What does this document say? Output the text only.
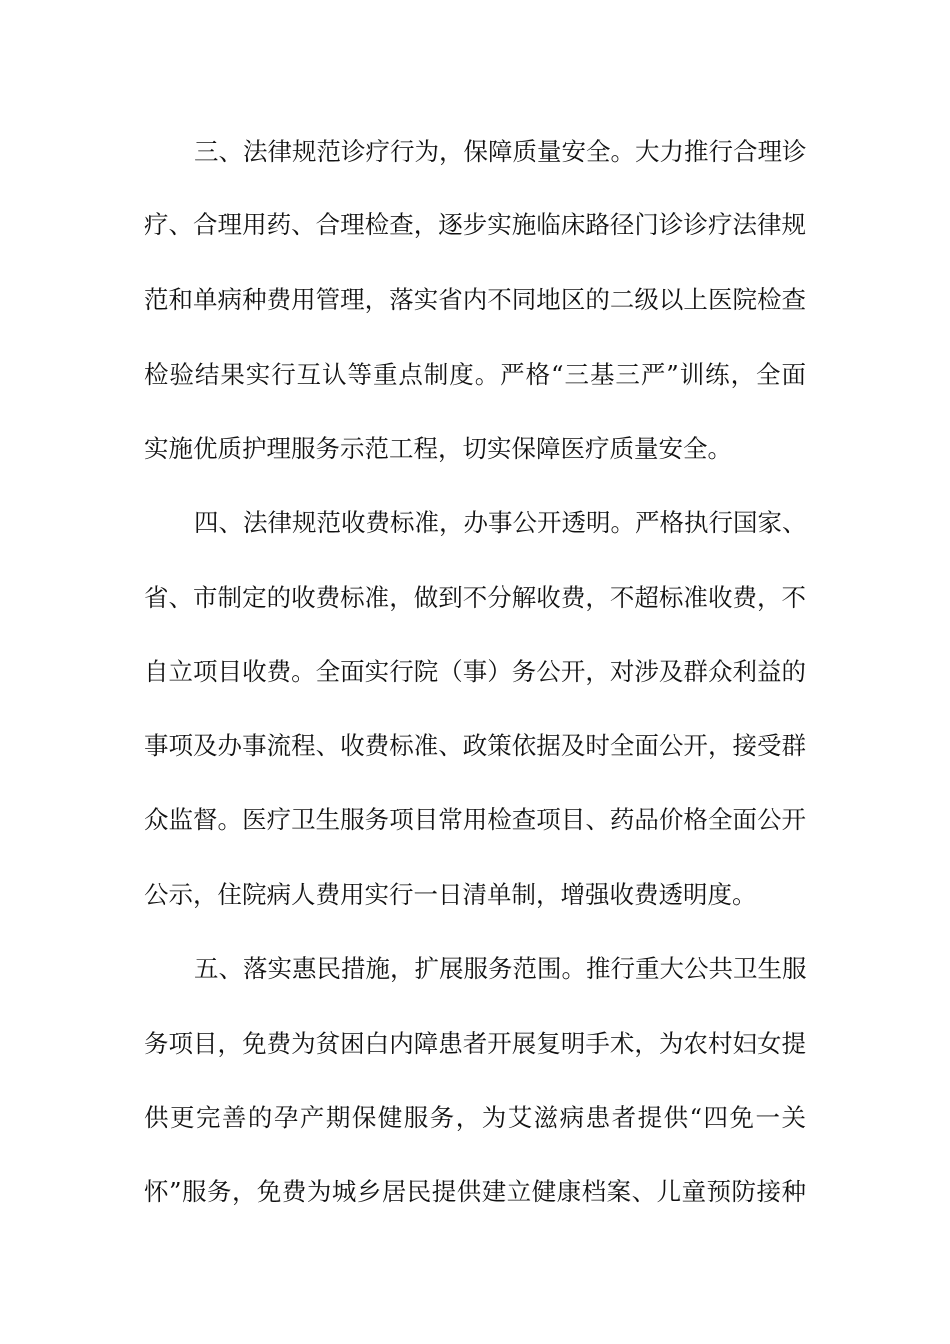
三、法律规范诊疗行为，保障质量安全。大力推行合理诊
疗、合理用药、合理检查，逐步实施临床路径门诊诊疗法律规
范和单病种费用管理，落实省内不同地区的二级以上医院检查
检验结果实行互认等重点制度。严格“三基三严”训练，全面
实施优质护理服务示范工程，切实保障医疗质量安全。
四、法律规范收费标准，办事公开透明。严格执行国家、
省、市制定的收费标准，做到不分解收费，不超标准收费，不
自立项目收费。全面实行院（事）务公开，对涉及群众利益的
事项及办事流程、收费标准、政策依据及时全面公开，接受群
众监督。医疗卫生服务项目常用检查项目、药品价格全面公开
公示，住院病人费用实行一日清单制，增强收费透明度。
五、落实惠民措施，扩展服务范围。推行重大公共卫生服
务项目，免费为贫困白内障患者开展复明手术，为农村妇女提
供更完善的孕产期保健服务，为艾滋病患者提供“四免一关
怀”服务，免费为城乡居民提供建立健康档案、儿童预防接种
